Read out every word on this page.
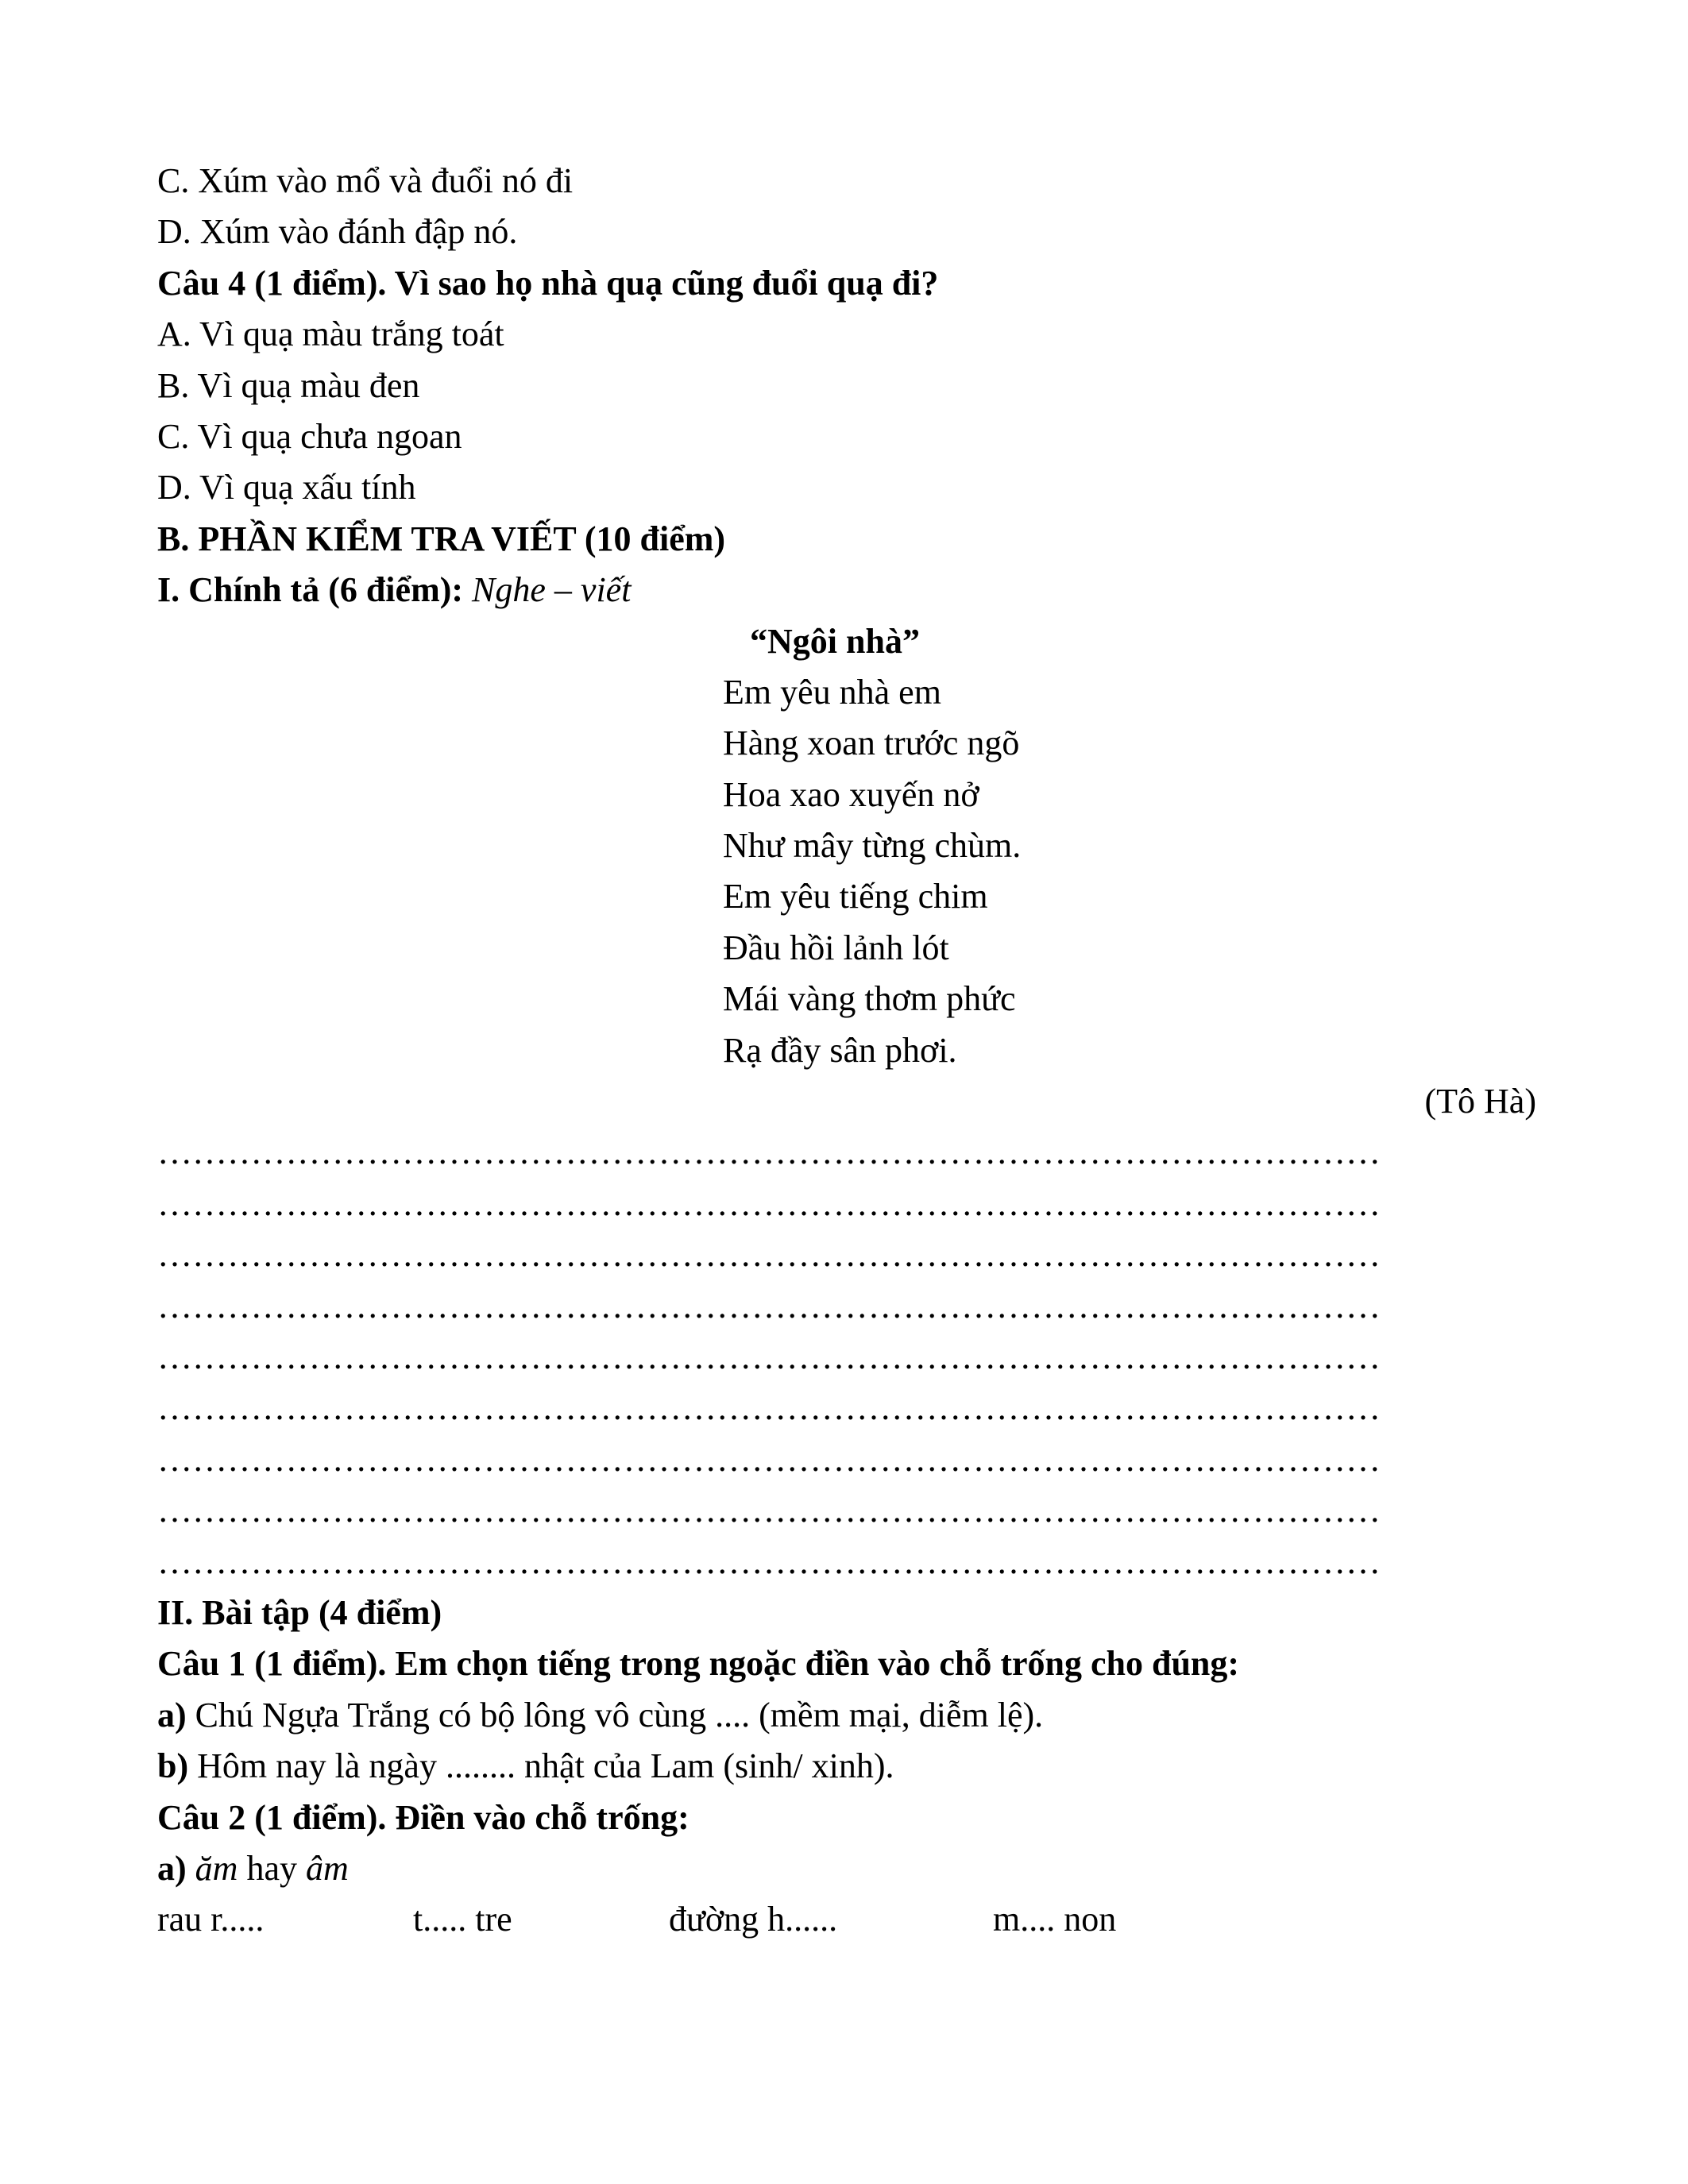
C. Xúm vào mổ và đuổi nó đi
D. Xúm vào đánh đập nó.
Câu 4 (1 điểm). Vì sao họ nhà quạ cũng đuổi quạ đi?
A. Vì quạ màu trắng toát
B. Vì quạ màu đen
C. Vì quạ chưa ngoan
D. Vì quạ xấu tính
B. PHẦN KIỂM TRA VIẾT (10 điểm)
I. Chính tả (6 điểm): Nghe – viết
“Ngôi nhà”
Em yêu nhà em
Hàng xoan trước ngõ
Hoa xao xuyến nở
Như mây từng chùm.
Em yêu tiếng chim
Đầu hồi lảnh lót
Mái vàng thơm phức
Rạ đầy sân phơi.
(Tô Hà)
……………………………………………………………………………………………
……………………………………………………………………………………………
……………………………………………………………………………………………
……………………………………………………………………………………………
……………………………………………………………………………………………
……………………………………………………………………………………………
……………………………………………………………………………………………
……………………………………………………………………………………………
……………………………………………………………………………………………
II. Bài tập (4 điểm)
Câu 1 (1 điểm). Em chọn tiếng trong ngoặc điền vào chỗ trống cho đúng:
a) Chú Ngựa Trắng có bộ lông vô cùng .... (mềm mại, diễm lệ).
b) Hôm nay là ngày ........ nhật của Lam (sinh/ xinh).
Câu 2 (1 điểm). Điền vào chỗ trống:
a) ăm hay âm
rau r.....	t..... tre	đường h......	m.... non
